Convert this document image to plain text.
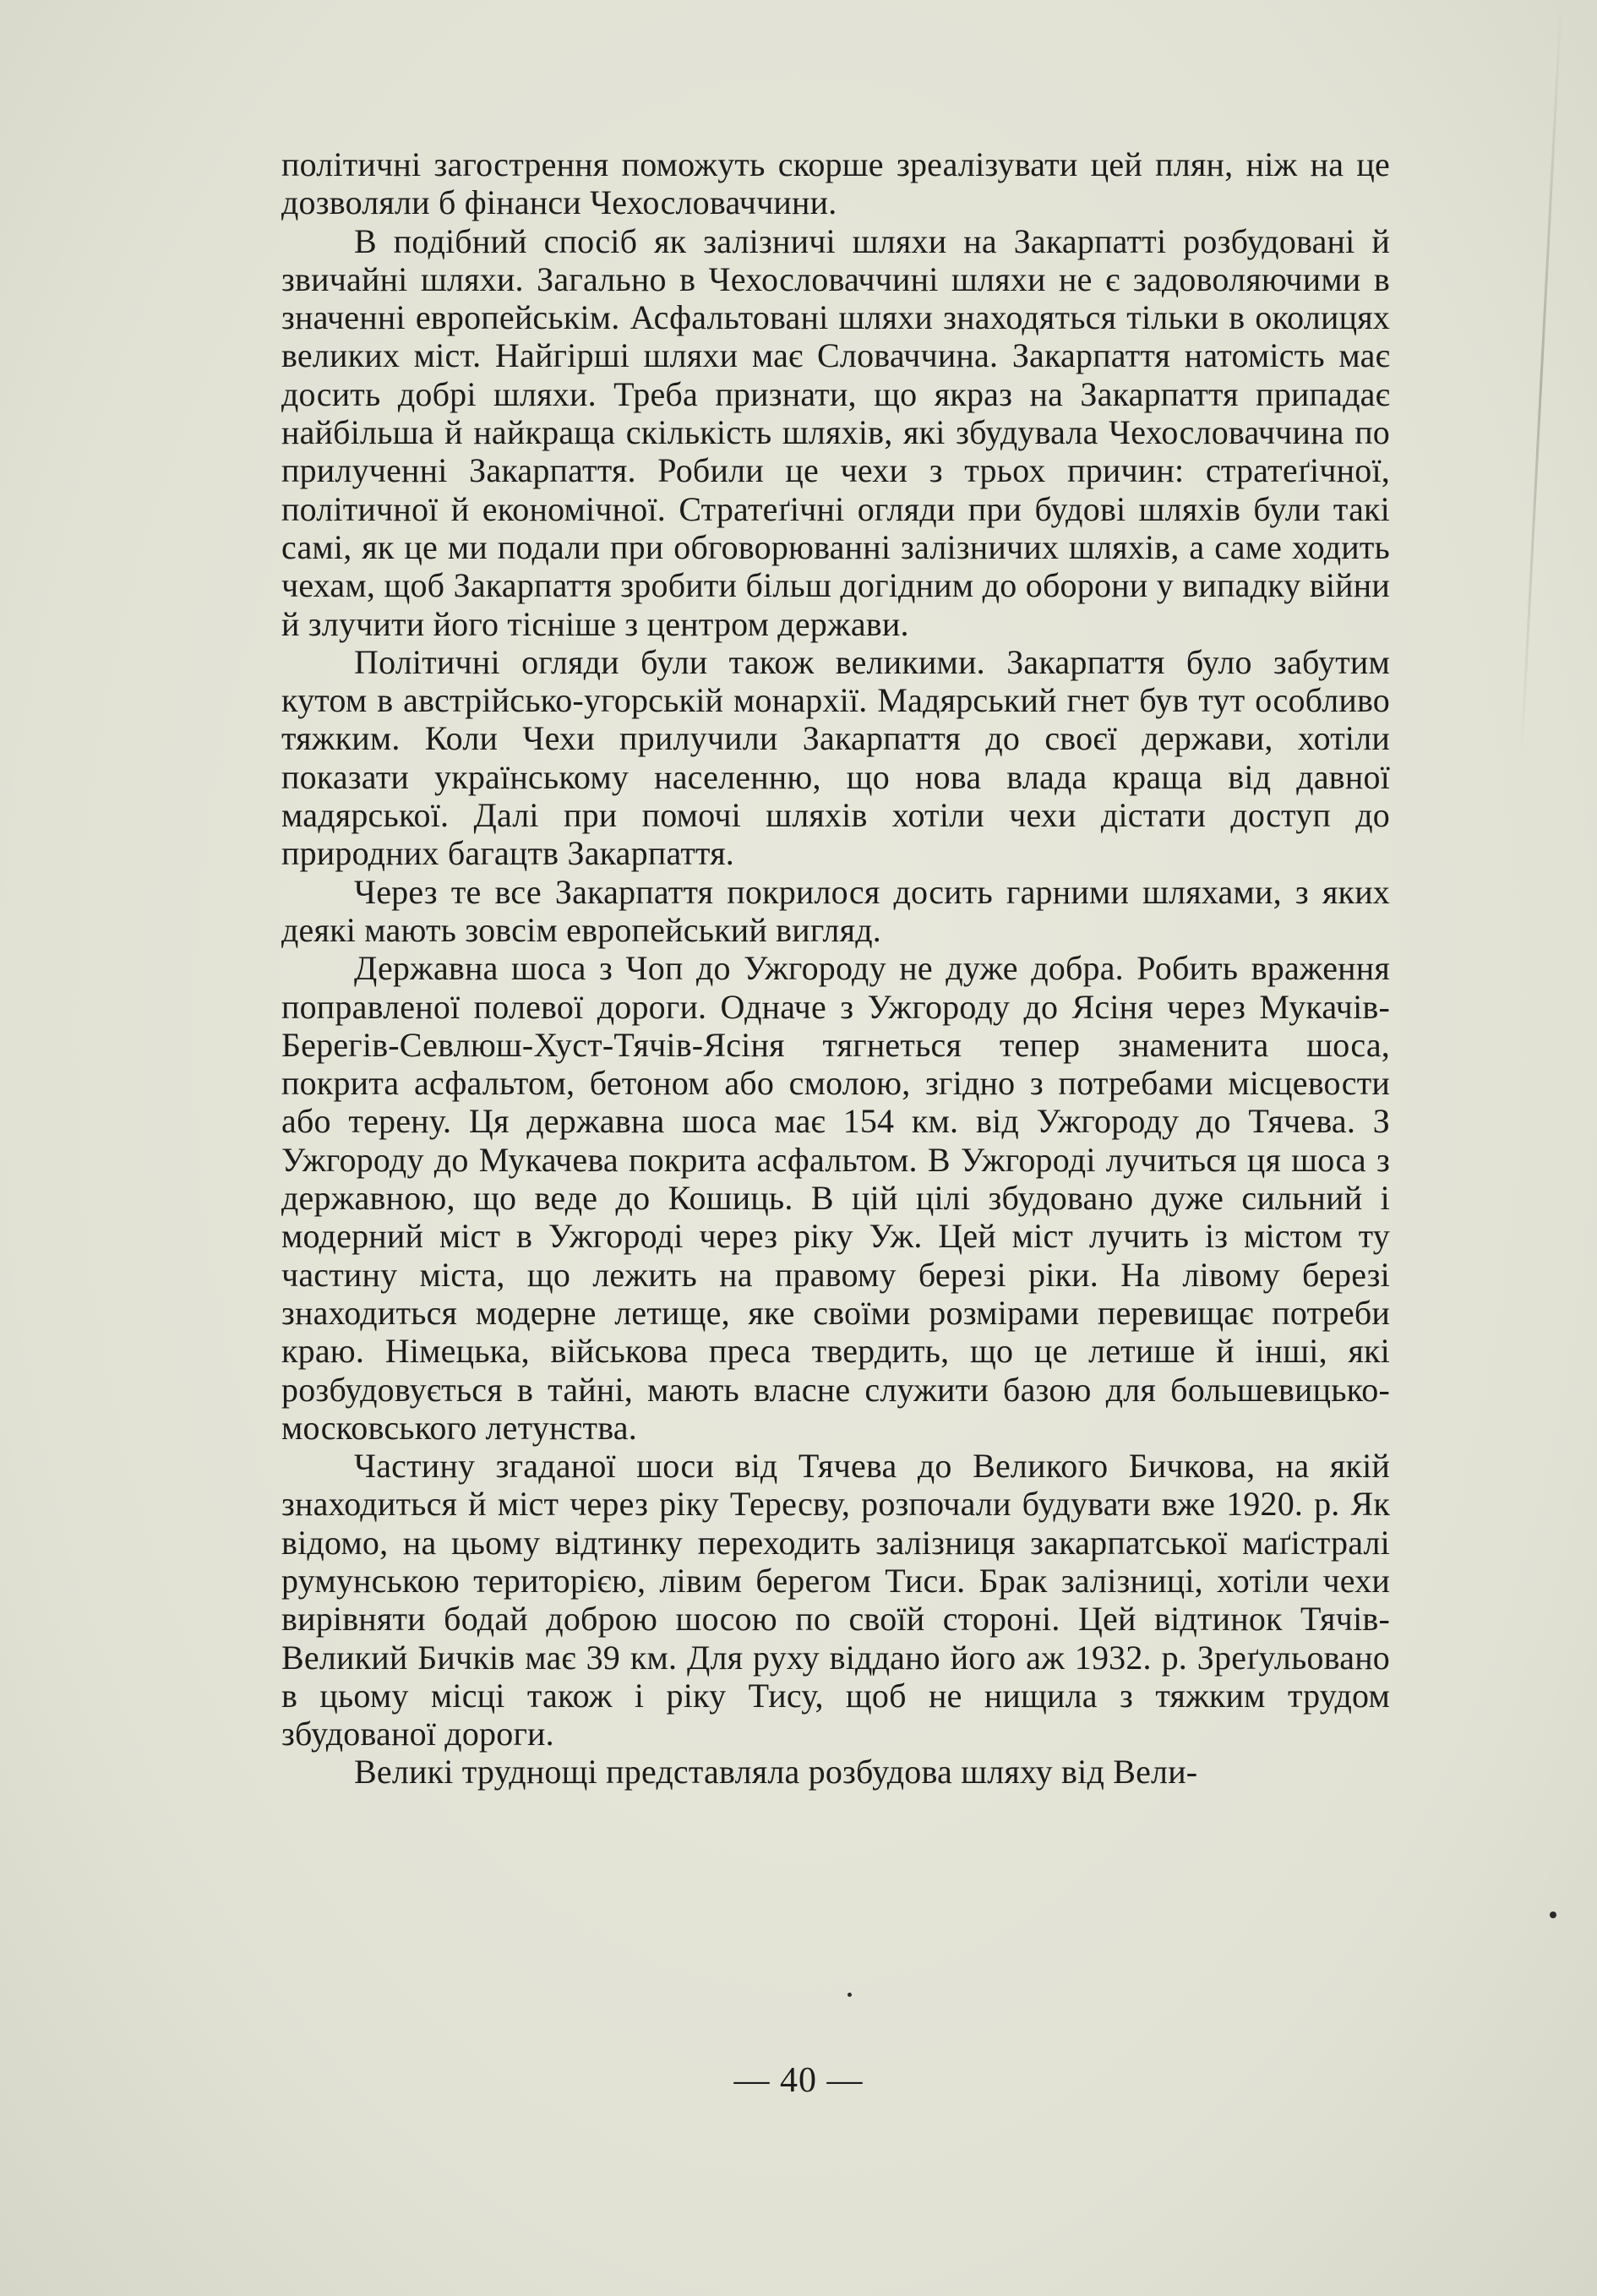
політичні загострення поможуть скорше зреалізувати цей плян, ніж на це дозволяли б фінанси Чехословаччини.

В подібний спосіб як залізничі шляхи на Закарпатті розбудовані й звичайні шляхи. Загально в Чехословаччині шляхи не є задоволяючими в значенні европейськім. Асфальтовані шляхи знаходяться тільки в околицях великих міст. Найгірші шляхи має Словаччина. Закарпаття натомість має досить добрі шляхи. Треба признати, що якраз на Закарпаття припадає найбільша й найкраща скількість шляхів, які збудувала Чехословаччина по прилученні Закарпаття. Робили це чехи з трьох причин: стратеґічної, політичної й економічної. Стратеґічні огляди при будові шляхів були такі самі, як це ми подали при обговорюванні залізничих шляхів, а саме ходить чехам, щоб Закарпаття зробити більш догідним до оборони у випадку війни й злучити його тісніше з центром держави.

Політичні огляди були також великими. Закарпаття було забутим кутом в австрійсько-угорській монархії. Мадярський гнет був тут особливо тяжким. Коли Чехи прилучили Закарпаття до своєї держави, хотіли показати українському населенню, що нова влада краща від давної мадярської. Далі при помочі шляхів хотіли чехи дістати доступ до природних багацтв Закарпаття.

Через те все Закарпаття покрилося досить гарними шляхами, з яких деякі мають зовсім европейський вигляд.

Державна шоса з Чоп до Ужгороду не дуже добра. Робить враження поправленої полевої дороги. Одначе з Ужгороду до Ясіня через Мукачів-Берегів-Севлюш-Хуст-Тячів-Ясіня тягнеться тепер знаменита шоса, покрита асфальтом, бетоном або смолою, згідно з потребами місцевости або терену. Ця державна шоса має 154 км. від Ужгороду до Тячева. З Ужгороду до Мукачева покрита асфальтом. В Ужгороді лучиться ця шоса з державною, що веде до Кошиць. В цій цілі збудовано дуже сильний і модерний міст в Ужгороді через ріку Уж. Цей міст лучить із містом ту частину міста, що лежить на правому березі ріки. На лівому березі знаходиться модерне летище, яке своїми розмірами перевищає потреби краю. Німецька, військова преса твердить, що це летише й інші, які розбудовується в тайні, мають власне служити базою для большевицько-московського летунства.

Частину згаданої шоси від Тячева до Великого Бичкова, на якій знаходиться й міст через ріку Тересву, розпочали будувати вже 1920. р. Як відомо, на цьому відтинку переходить залізниця закарпатської маґістралі румунською територією, лівим берегом Тиси. Брак залізниці, хотіли чехи вирівняти бодай доброю шосою по своїй стороні. Цей відтинок Тячів-Великий Бичків має 39 км. Для руху віддано його аж 1932. р. Зреґульовано в цьому місці також і ріку Тису, щоб не нищила з тяжким трудом збудованої дороги.

Великі труднощі представляла розбудова шляху від Вели-

— 40 —
